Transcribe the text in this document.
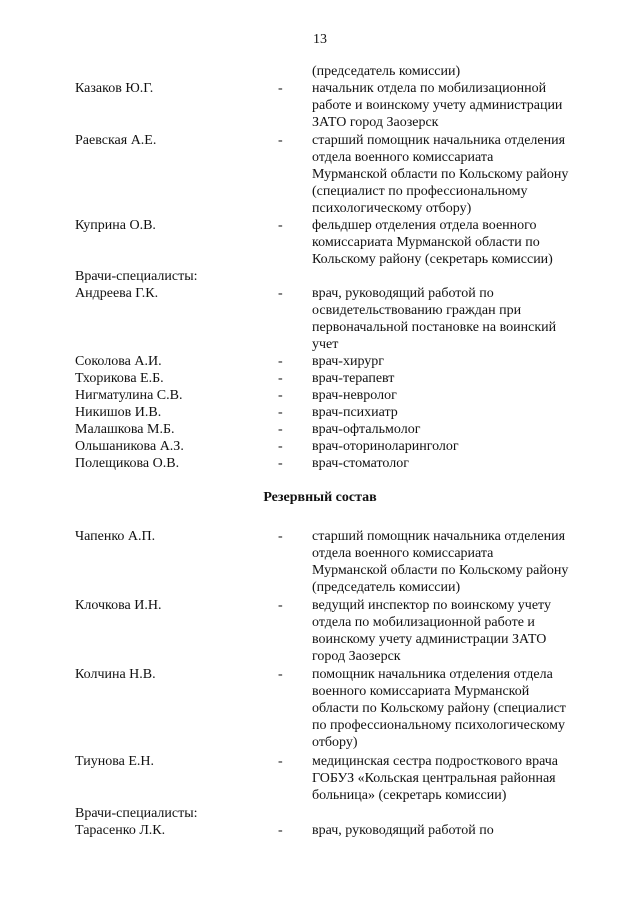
13
(председатель комиссии)
Казаков Ю.Г.	- начальник отдела по мобилизационной
работе и воинскому учету администрации
ЗАТО город Заозерск
Раевская А.Е.	- старший помощник начальника отделения
отдела военного комиссариата
Мурманской области по Кольскому району
(специалист по профессиональному
психологическому отбору)
Куприна О.В.	- фельдшер отделения отдела военного
комиссариата Мурманской области по
Кольскому району (секретарь комиссии)
Врачи-специалисты:
Андреева Г.К.	- врач, руководящий работой по
освидетельствованию граждан при
первоначальной постановке на воинский
учет
Соколова А.И.	- врач-хирург
Тхорикова Е.Б.	- врач-терапевт
Нигматулина С.В.	- врач-невролог
Никишов И.В.	- врач-психиатр
Малашкова М.Б.	- врач-офтальмолог
Ольшаникова А.З.	- врач-оториноларинголог
Полещикова О.В.	- врач-стоматолог
Резервный состав
Чапенко А.П.	- старший помощник начальника отделения
отдела военного комиссариата
Мурманской области по Кольскому району
(председатель комиссии)
Клочкова И.Н.	- ведущий инспектор по воинскому учету
отдела по мобилизационной работе и
воинскому учету администрации ЗАТО
город Заозерск
Колчина Н.В.	- помощник начальника отделения отдела
военного комиссариата Мурманской
области по Кольскому району (специалист
по профессиональному психологическому
отбору)
Тиунова Е.Н.	- медицинская сестра подросткового врача
ГОБУЗ «Кольская центральная районная
больница» (секретарь комиссии)
Врачи-специалисты:
Тарасенко Л.К.	- врач, руководящий работой по
